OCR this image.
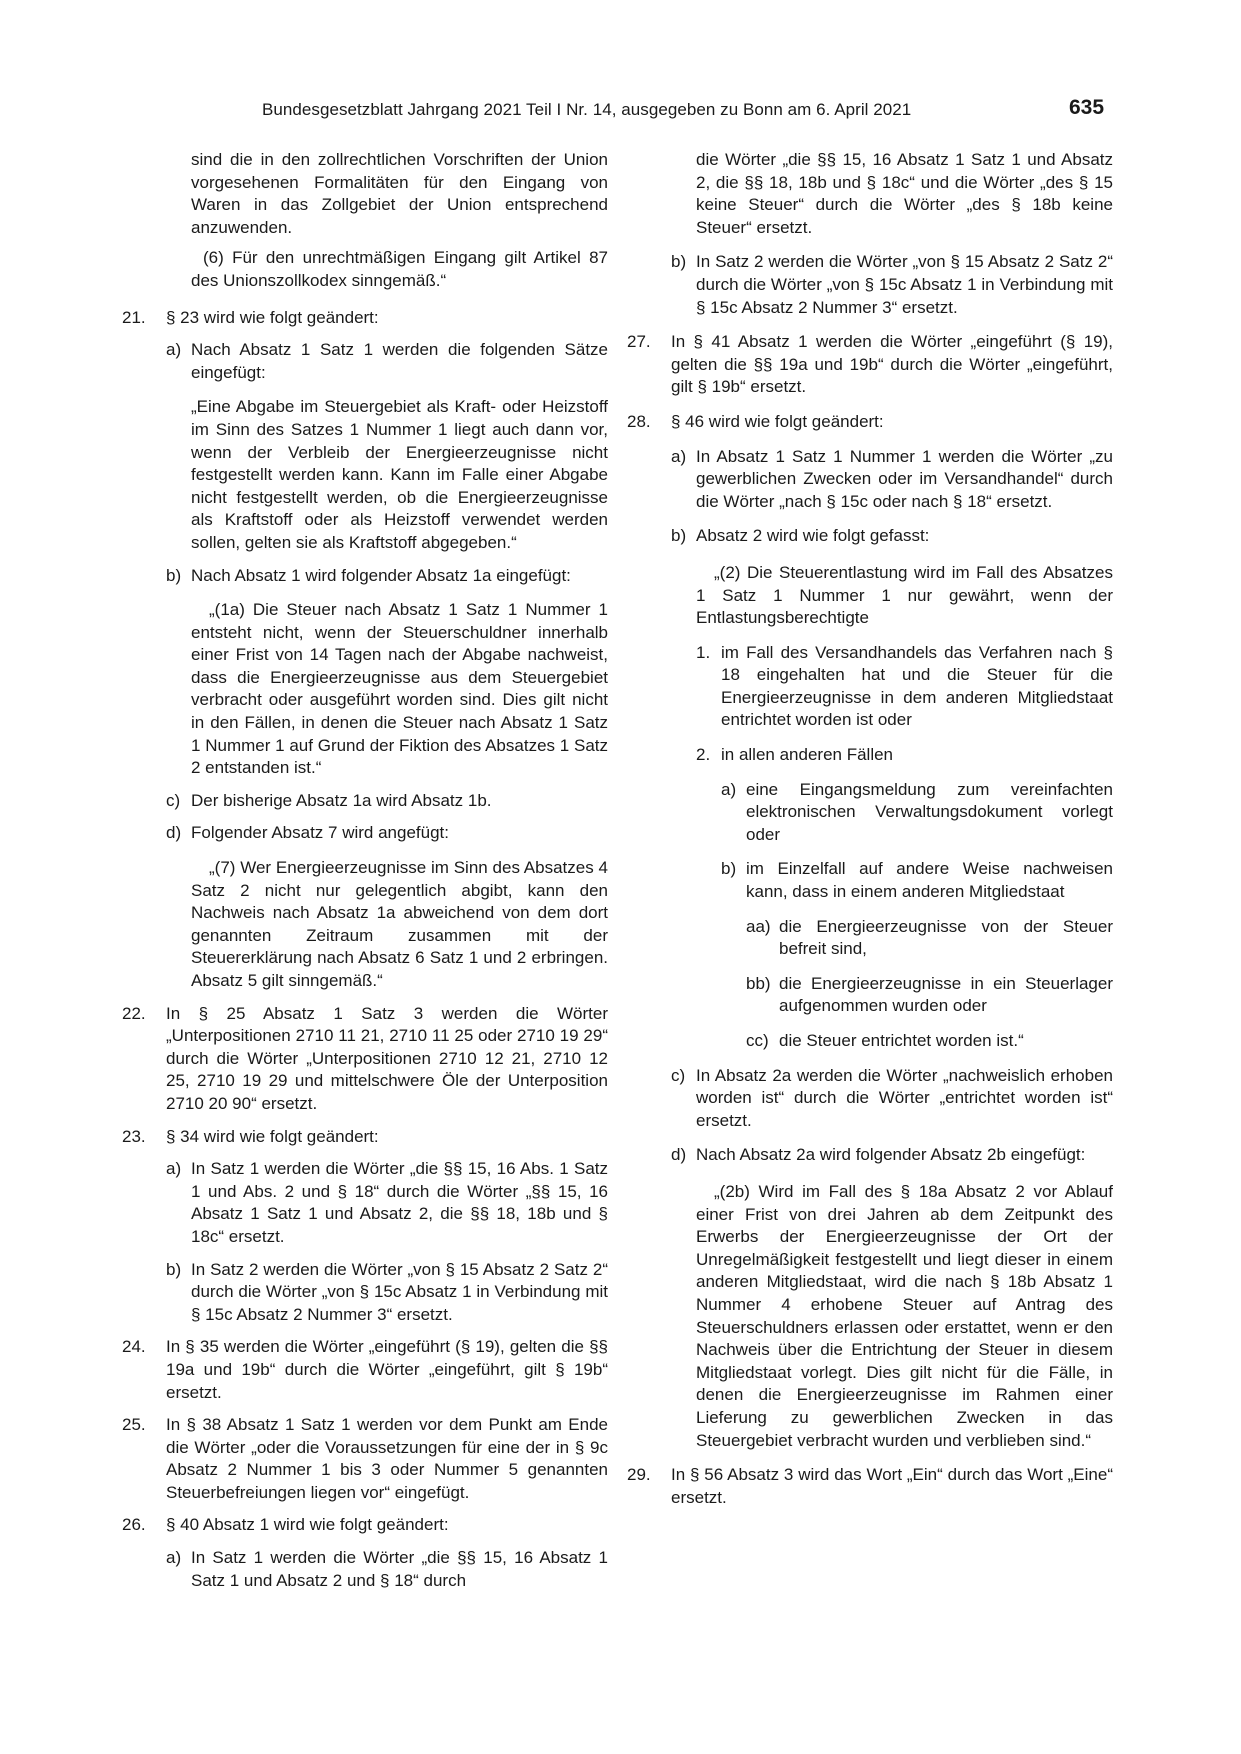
Bundesgesetzblatt Jahrgang 2021 Teil I Nr. 14, ausgegeben zu Bonn am 6. April 2021	635

sind die in den zollrechtlichen Vorschriften der Union vorgesehenen Formalitäten für den Eingang von Waren in das Zollgebiet der Union entsprechend anzuwenden.

(6) Für den unrechtmäßigen Eingang gilt Artikel 87 des Unionszollkodex sinngemäß.“

21.	§ 23 wird wie folgt geändert:
a) Nach Absatz 1 Satz 1 werden die folgenden Sätze eingefügt:

„Eine Abgabe im Steuergebiet als Kraft- oder Heizstoff im Sinn des Satzes 1 Nummer 1 liegt auch dann vor, wenn der Verbleib der Energieerzeugnisse nicht festgestellt werden kann. Kann im Falle einer Abgabe nicht festgestellt werden, ob die Energieerzeugnisse als Kraftstoff oder als Heizstoff verwendet werden sollen, gelten sie als Kraftstoff abgegeben.“

b) Nach Absatz 1 wird folgender Absatz 1a eingefügt:

„(1a) Die Steuer nach Absatz 1 Satz 1 Nummer 1 entsteht nicht, wenn der Steuerschuldner innerhalb einer Frist von 14 Tagen nach der Abgabe nachweist, dass die Energieerzeugnisse aus dem Steuergebiet verbracht oder ausgeführt worden sind. Dies gilt nicht in den Fällen, in denen die Steuer nach Absatz 1 Satz 1 Nummer 1 auf Grund der Fiktion des Absatzes 1 Satz 2 entstanden ist.“

c) Der bisherige Absatz 1a wird Absatz 1b.
d) Folgender Absatz 7 wird angefügt:

„(7) Wer Energieerzeugnisse im Sinn des Absatzes 4 Satz 2 nicht nur gelegentlich abgibt, kann den Nachweis nach Absatz 1a abweichend von dem dort genannten Zeitraum zusammen mit der Steuererklärung nach Absatz 6 Satz 1 und 2 erbringen. Absatz 5 gilt sinngemäß.“

22.	In § 25 Absatz 1 Satz 3 werden die Wörter „Unterpositionen 2710 11 21, 2710 11 25 oder 2710 19 29“ durch die Wörter „Unterpositionen 2710 12 21, 2710 12 25, 2710 19 29 und mittelschwere Öle der Unterposition 2710 20 90“ ersetzt.
23.	§ 34 wird wie folgt geändert:
a) In Satz 1 werden die Wörter „die §§ 15, 16 Abs. 1 Satz 1 und Abs. 2 und § 18“ durch die Wörter „§§ 15, 16 Absatz 1 Satz 1 und Absatz 2, die §§ 18, 18b und § 18c“ ersetzt.
b) In Satz 2 werden die Wörter „von § 15 Absatz 2 Satz 2“ durch die Wörter „von § 15c Absatz 1 in Verbindung mit § 15c Absatz 2 Nummer 3“ ersetzt.
24.	In § 35 werden die Wörter „eingeführt (§ 19), gelten die §§ 19a und 19b“ durch die Wörter „eingeführt, gilt § 19b“ ersetzt.
25.	In § 38 Absatz 1 Satz 1 werden vor dem Punkt am Ende die Wörter „oder die Voraussetzungen für eine der in § 9c Absatz 2 Nummer 1 bis 3 oder Nummer 5 genannten Steuerbefreiungen liegen vor“ eingefügt.
26.	§ 40 Absatz 1 wird wie folgt geändert:
a) In Satz 1 werden die Wörter „die §§ 15, 16 Absatz 1 Satz 1 und Absatz 2 und § 18“ durch

die Wörter „die §§ 15, 16 Absatz 1 Satz 1 und Absatz 2, die §§ 18, 18b und § 18c“ und die Wörter „des § 15 keine Steuer“ durch die Wörter „des § 18b keine Steuer“ ersetzt.

b) In Satz 2 werden die Wörter „von § 15 Absatz 2 Satz 2“ durch die Wörter „von § 15c Absatz 1 in Verbindung mit § 15c Absatz 2 Nummer 3“ ersetzt.
27.	In § 41 Absatz 1 werden die Wörter „eingeführt (§ 19), gelten die §§ 19a und 19b“ durch die Wörter „eingeführt, gilt § 19b“ ersetzt.
28.	§ 46 wird wie folgt geändert:
a) In Absatz 1 Satz 1 Nummer 1 werden die Wörter „zu gewerblichen Zwecken oder im Versandhandel“ durch die Wörter „nach § 15c oder nach § 18“ ersetzt.
b) Absatz 2 wird wie folgt gefasst:

„(2) Die Steuerentlastung wird im Fall des Absatzes 1 Satz 1 Nummer 1 nur gewährt, wenn der Entlastungsberechtigte

1. im Fall des Versandhandels das Verfahren nach § 18 eingehalten hat und die Steuer für die Energieerzeugnisse in dem anderen Mitgliedstaat entrichtet worden ist oder
2. in allen anderen Fällen
a) eine Eingangsmeldung zum vereinfachten elektronischen Verwaltungsdokument vorlegt oder
b) im Einzelfall auf andere Weise nachweisen kann, dass in einem anderen Mitgliedstaat
aa) die Energieerzeugnisse von der Steuer befreit sind,
bb) die Energieerzeugnisse in ein Steuerlager aufgenommen wurden oder
cc) die Steuer entrichtet worden ist.“
c) In Absatz 2a werden die Wörter „nachweislich erhoben worden ist“ durch die Wörter „entrichtet worden ist“ ersetzt.
d) Nach Absatz 2a wird folgender Absatz 2b eingefügt:

„(2b) Wird im Fall des § 18a Absatz 2 vor Ablauf einer Frist von drei Jahren ab dem Zeitpunkt des Erwerbs der Energieerzeugnisse der Ort der Unregelmäßigkeit festgestellt und liegt dieser in einem anderen Mitgliedstaat, wird die nach § 18b Absatz 1 Nummer 4 erhobene Steuer auf Antrag des Steuerschuldners erlassen oder erstattet, wenn er den Nachweis über die Entrichtung der Steuer in diesem Mitgliedstaat vorlegt. Dies gilt nicht für die Fälle, in denen die Energieerzeugnisse im Rahmen einer Lieferung zu gewerblichen Zwecken in das Steuergebiet verbracht wurden und verblieben sind.“

29.	In § 56 Absatz 3 wird das Wort „Ein“ durch das Wort „Eine“ ersetzt.
